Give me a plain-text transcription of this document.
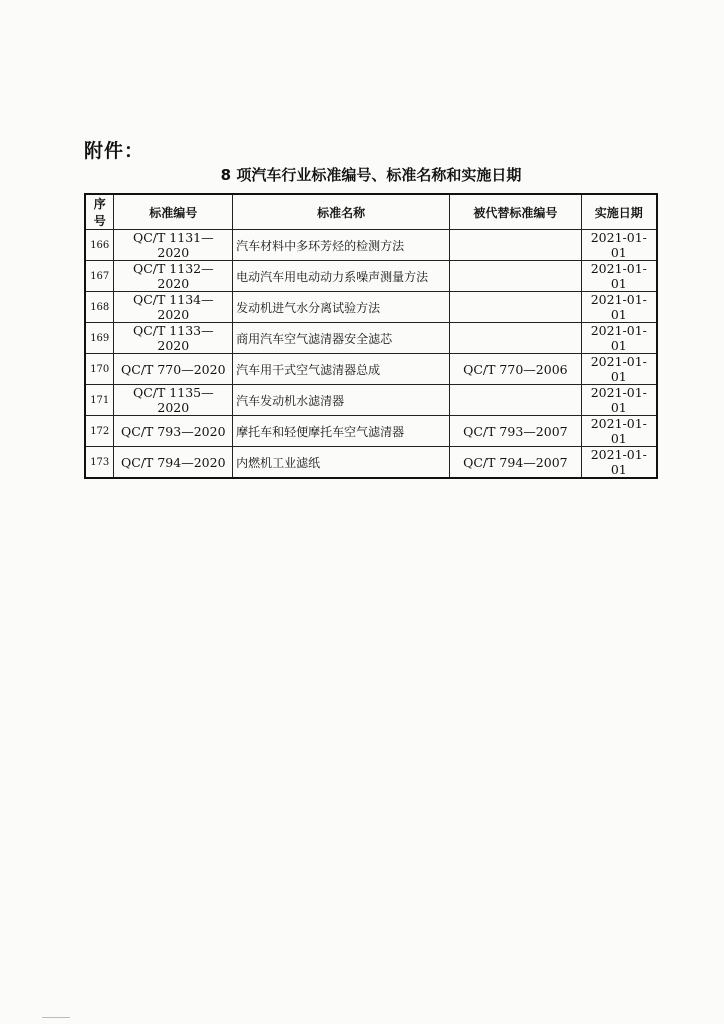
附件：
8 项汽车行业标准编号、标准名称和实施日期
序号	标准编号	标准名称	被代替标准编号	实施日期
166	QC/T 1131—2020	汽车材料中多环芳烃的检测方法		2021-01-01
167	QC/T 1132—2020	电动汽车用电动动力系噪声测量方法		2021-01-01
168	QC/T 1134—2020	发动机进气水分离试验方法		2021-01-01
169	QC/T 1133—2020	商用汽车空气滤清器安全滤芯		2021-01-01
170	QC/T 770—2020	汽车用干式空气滤清器总成	QC/T 770—2006	2021-01-01
171	QC/T 1135—2020	汽车发动机水滤清器		2021-01-01
172	QC/T 793—2020	摩托车和轻便摩托车空气滤清器	QC/T 793—2007	2021-01-01
173	QC/T 794—2020	内燃机工业滤纸	QC/T 794—2007	2021-01-01
